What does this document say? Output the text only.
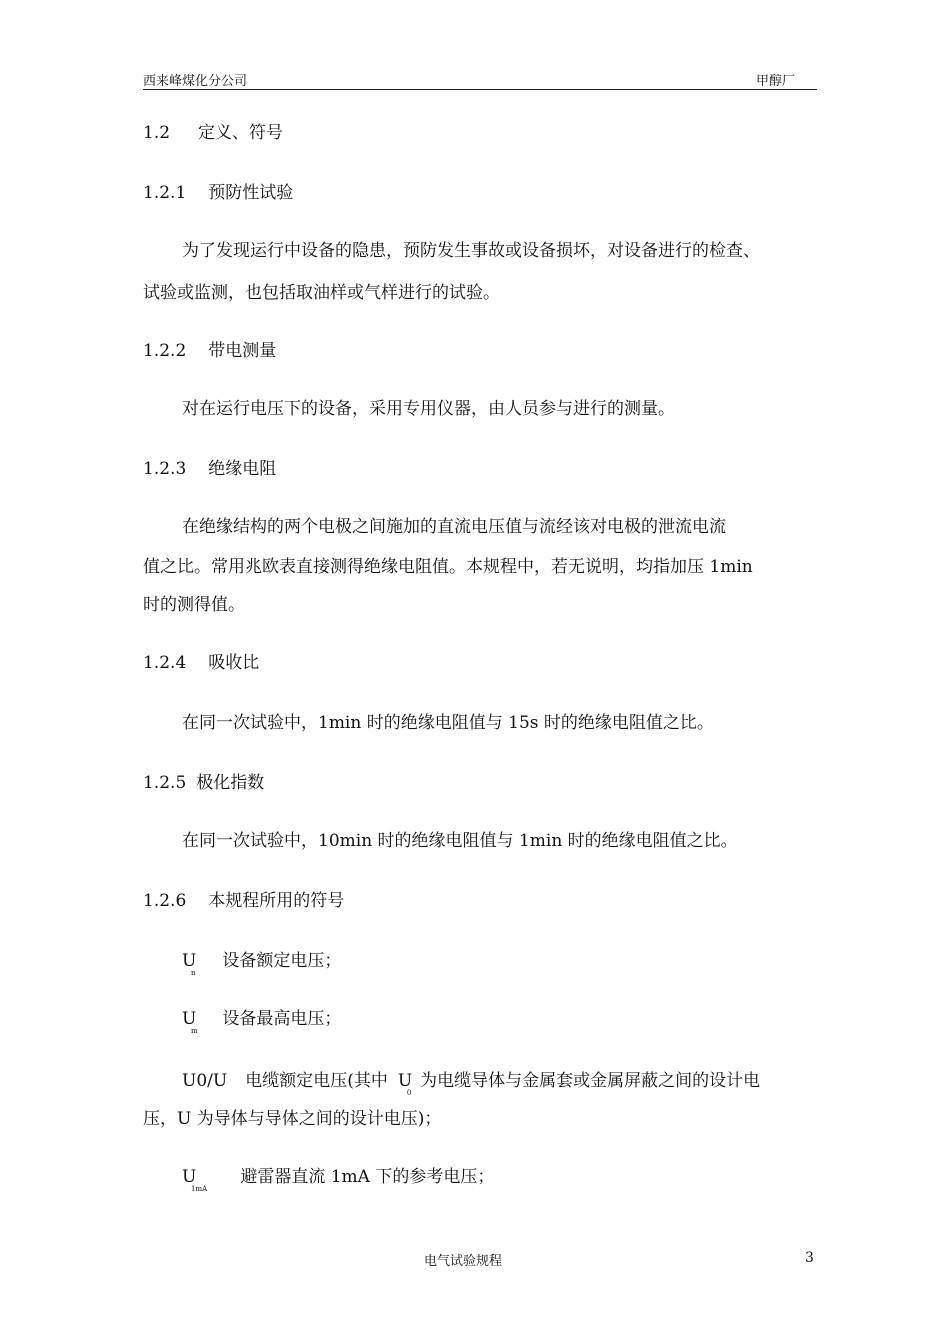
西来峰煤化分公司	甲醇厂
1.2 定义、符号
1.2.1 预防性试验
为了发现运行中设备的隐患，预防发生事故或设备损坏，对设备进行的检查、
试验或监测，也包括取油样或气样进行的试验。
1.2.2 带电测量
对在运行电压下的设备，采用专用仪器，由人员参与进行的测量。
1.2.3 绝缘电阻
在绝缘结构的两个电极之间施加的直流电压值与流经该对电极的泄流电流
值之比。常用兆欧表直接测得绝缘电阻值。本规程中，若无说明，均指加压 1min
时的测得值。
1.2.4 吸收比
在同一次试验中，1min 时的绝缘电阻值与 15s 时的绝缘电阻值之比。
1.2.5 极化指数
在同一次试验中，10min 时的绝缘电阻值与 1min 时的绝缘电阻值之比。
1.2.6 本规程所用的符号
U
n
设备额定电压；
U
m
设备最高电压；
U0/U 电缆额定电压(其中 U
0
为电缆导体与金属套或金属屏蔽之间的设计电
压，U 为导体与导体之间的设计电压)；
U
1mA
避雷器直流 1mA 下的参考电压；
电气试验规程	3
